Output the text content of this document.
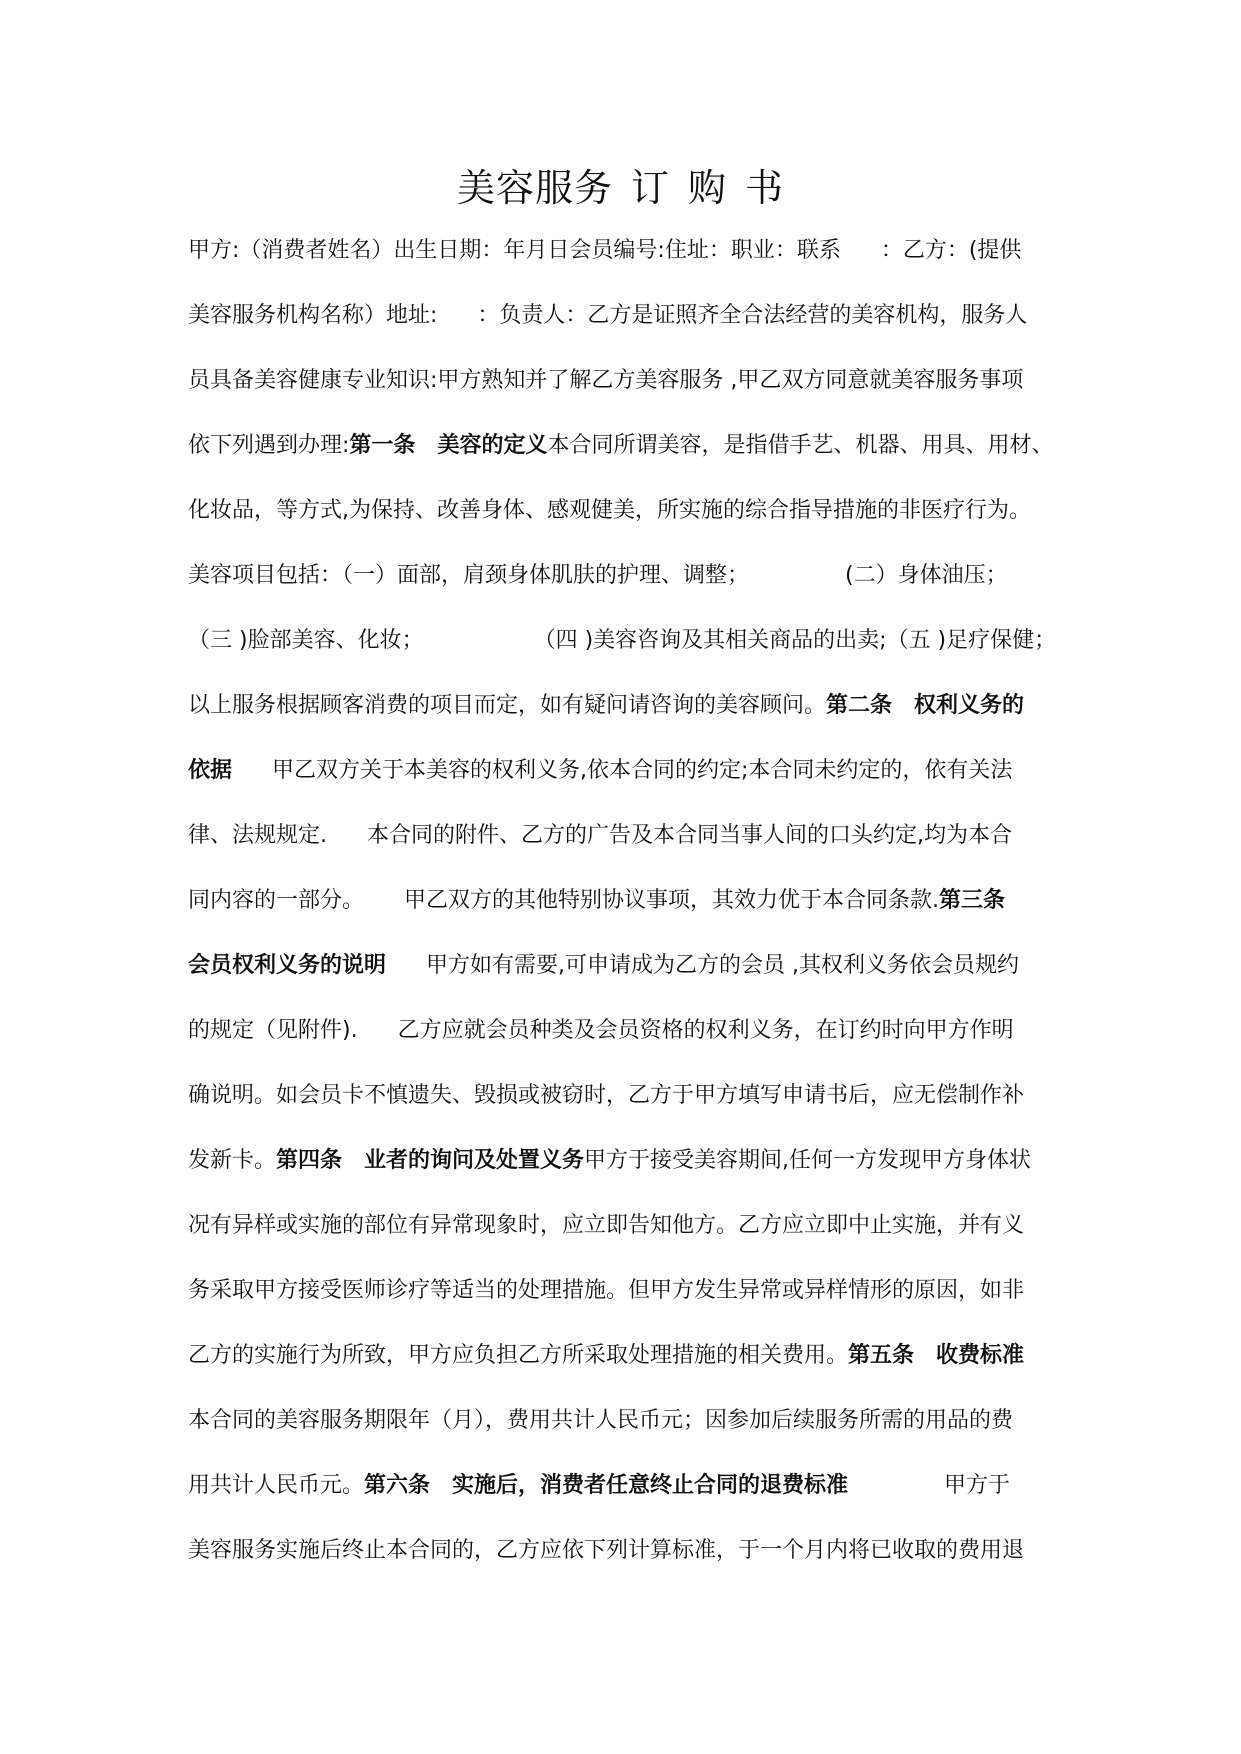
美容服务 订 购 书
甲方:（消费者姓名）出生日期：年月日会员编号:住址：职业：联系 ：乙方：(提供
美容服务机构名称）地址: ：负责人：乙方是证照齐全合法经营的美容机构，服务人
员具备美容健康专业知识:甲方熟知并了解乙方美容服务 ,甲乙双方同意就美容服务事项
依下列遇到办理:第一条 美容的定义本合同所谓美容，是指借手艺、机器、用具、用材、
化妆品，等方式,为保持、改善身体、感观健美，所实施的综合指导措施的非医疗行为。
美容项目包括：（一）面部，肩颈身体肌肤的护理、调整；	(二）身体油压；
（三 )脸部美容、化妆；	（四 )美容咨询及其相关商品的出卖;（五 )足疗保健；
以上服务根据顾客消费的项目而定，如有疑问请咨询的美容顾问。第二条 权利义务的
依据 甲乙双方关于本美容的权利义务,依本合同的约定;本合同未约定的，依有关法
律、法规规定. 本合同的附件、乙方的广告及本合同当事人间的口头约定,均为本合
同内容的一部分。 甲乙双方的其他特别协议事项，其效力优于本合同条款.第三条
会员权利义务的说明 甲方如有需要,可申请成为乙方的会员 ,其权利义务依会员规约
的规定（见附件). 乙方应就会员种类及会员资格的权利义务，在订约时向甲方作明
确说明。如会员卡不慎遗失、毁损或被窃时，乙方于甲方填写申请书后，应无偿制作补
发新卡。第四条 业者的询问及处置义务甲方于接受美容期间,任何一方发现甲方身体状
况有异样或实施的部位有异常现象时，应立即告知他方。乙方应立即中止实施，并有义
务采取甲方接受医师诊疗等适当的处理措施。但甲方发生异常或异样情形的原因，如非
乙方的实施行为所致，甲方应负担乙方所采取处理措施的相关费用。第五条 收费标准
本合同的美容服务期限年（月），费用共计人民币元；因参加后续服务所需的用品的费
用共计人民币元。第六条 实施后，消费者任意终止合同的退费标准	甲方于
美容服务实施后终止本合同的，乙方应依下列计算标准，于一个月内将已收取的费用退
